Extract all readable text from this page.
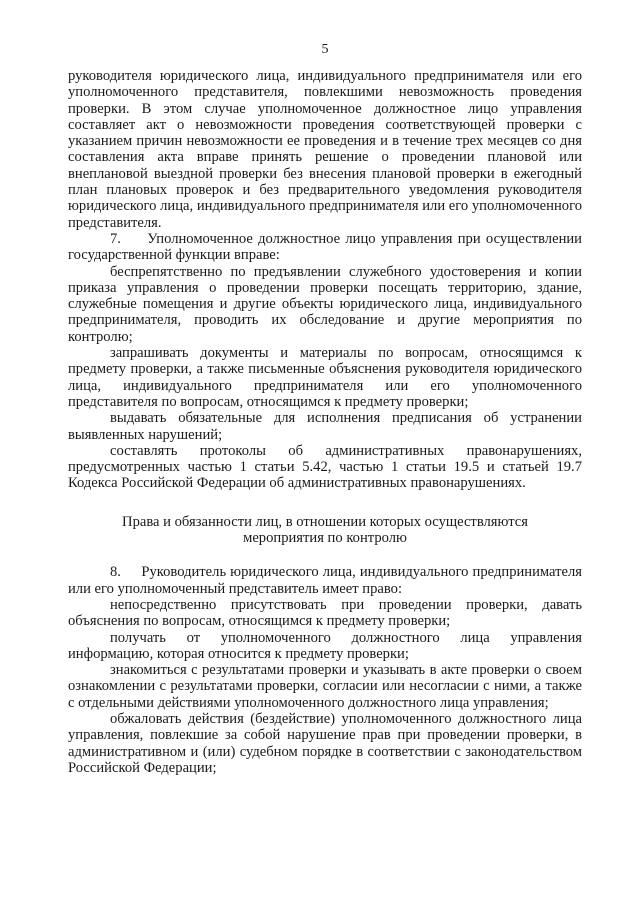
5

руководителя юридического лица, индивидуального предпринимателя или его уполномоченного представителя, повлекшими невозможность проведения проверки. В этом случае уполномоченное должностное лицо управления составляет акт о невозможности проведения соответствующей проверки с указанием причин невозможности ее проведения и в течение трех месяцев со дня составления акта вправе принять решение о проведении плановой или внеплановой выездной проверки без внесения плановой проверки в ежегодный план плановых проверок и без предварительного уведомления руководителя юридического лица, индивидуального предпринимателя или его уполномоченного представителя.

7.     Уполномоченное должностное лицо управления при осуществлении государственной функции вправе:

беспрепятственно по предъявлении служебного удостоверения и копии приказа управления о проведении проверки посещать территорию, здание, служебные помещения и другие объекты юридического лица, индивидуального предпринимателя, проводить их обследование и другие мероприятия по контролю;

запрашивать документы и материалы по вопросам, относящимся к предмету проверки, а также письменные объяснения руководителя юридического лица, индивидуального предпринимателя или его уполномоченного представителя по вопросам, относящимся к предмету проверки;

выдавать обязательные для исполнения предписания об устранении выявленных нарушений;

составлять протоколы об административных правонарушениях, предусмотренных частью 1 статьи 5.42, частью 1 статьи 19.5 и статьей 19.7 Кодекса Российской Федерации об административных правонарушениях.

Права и обязанности лиц, в отношении которых осуществляются
мероприятия по контролю

8.     Руководитель юридического лица, индивидуального предпринимателя или его уполномоченный представитель имеет право:

непосредственно присутствовать при проведении проверки, давать объяснения по вопросам, относящимся к предмету проверки;

получать от уполномоченного должностного лица управления информацию, которая относится к предмету проверки;

знакомиться с результатами проверки и указывать в акте проверки о своем ознакомлении с результатами проверки, согласии или несогласии с ними, а также с отдельными действиями уполномоченного должностного лица управления;

обжаловать действия (бездействие) уполномоченного должностного лица управления, повлекшие за собой нарушение прав при проведении проверки, в административном и (или) судебном порядке в соответствии с законодательством Российской Федерации;
